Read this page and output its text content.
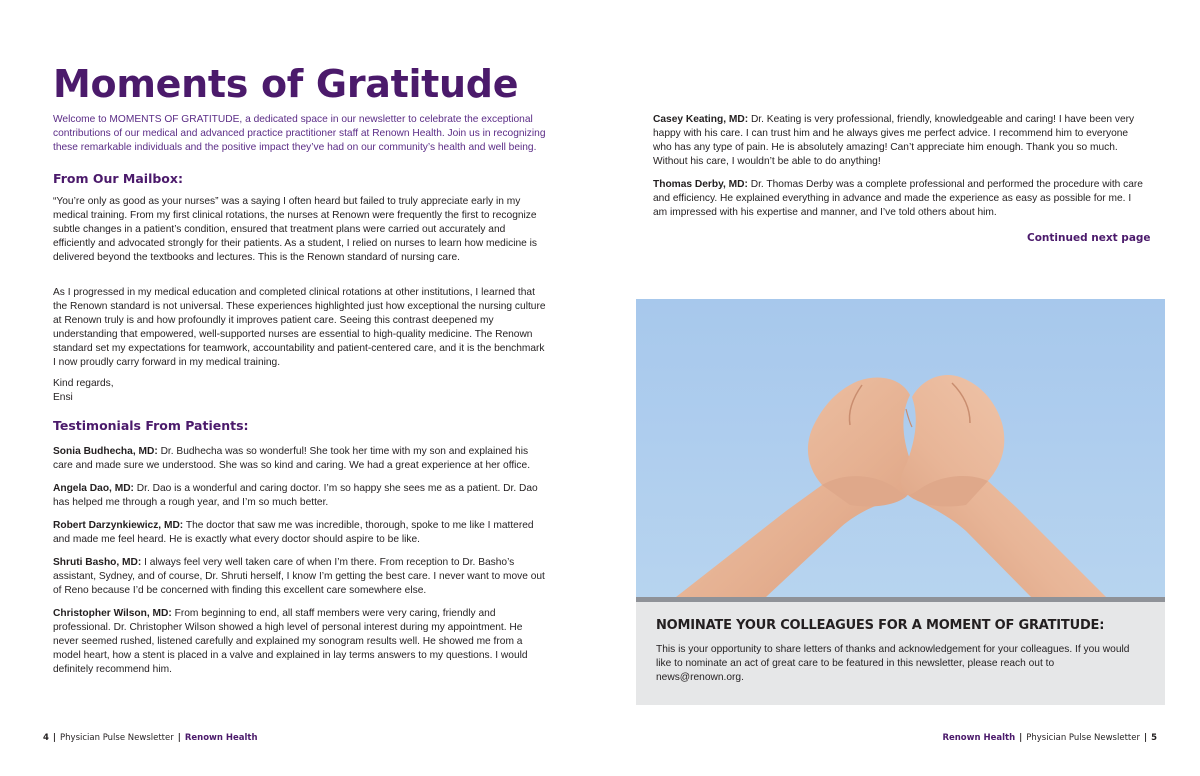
Moments of Gratitude

Welcome to MOMENTS OF GRATITUDE, a dedicated space in our newsletter to celebrate the exceptional contributions of our medical and advanced practice practitioner staff at Renown Health. Join us in recognizing these remarkable individuals and the positive impact they’ve had on our community’s health and well being.

From Our Mailbox:

“You’re only as good as your nurses” was a saying I often heard but failed to truly appreciate early in my medical training. From my first clinical rotations, the nurses at Renown were frequently the first to recognize subtle changes in a patient’s condition, ensured that treatment plans were carried out accurately and efficiently and advocated strongly for their patients. As a student, I relied on nurses to learn how medicine is delivered beyond the textbooks and lectures. This is the Renown standard of nursing care.

As I progressed in my medical education and completed clinical rotations at other institutions, I learned that the Renown standard is not universal. These experiences highlighted just how exceptional the nursing culture at Renown truly is and how profoundly it improves patient care. Seeing this contrast deepened my understanding that empowered, well-supported nurses are essential to high-quality medicine. The Renown standard set my expectations for teamwork, accountability and patient-centered care, and it is the benchmark I now proudly carry forward in my medical training.

Kind regards,
Ensi
Testimonials From Patients:

Sonia Budhecha, MD: Dr. Budhecha was so wonderful! She took her time with my son and explained his care and made sure we understood. She was so kind and caring. We had a great experience at her office.

Angela Dao, MD: Dr. Dao is a wonderful and caring doctor. I’m so happy she sees me as a patient. Dr. Dao has helped me through a rough year, and I’m so much better.

Robert Darzynkiewicz, MD: The doctor that saw me was incredible, thorough, spoke to me like I mattered and made me feel heard. He is exactly what every doctor should aspire to be like.

Shruti Basho, MD: I always feel very well taken care of when I’m there. From reception to Dr. Basho’s assistant, Sydney, and of course, Dr. Shruti herself, I know I’m getting the best care. I never want to move out of Reno because I’d be concerned with finding this excellent care somewhere else.

Christopher Wilson, MD: From beginning to end, all staff members were very caring, friendly and professional. Dr. Christopher Wilson showed a high level of personal interest during my appointment. He never seemed rushed, listened carefully and explained my sonogram results well. He showed me from a model heart, how a stent is placed in a valve and explained in lay terms answers to my questions. I would definitely recommend him.

Casey Keating, MD: Dr. Keating is very professional, friendly, knowledgeable and caring! I have been very happy with his care. I can trust him and he always gives me perfect advice. I recommend him to everyone who has any type of pain. He is absolutely amazing! Can’t appreciate him enough. Thank you so much. Without his care, I wouldn’t be able to do anything!

Thomas Derby, MD: Dr. Thomas Derby was a complete professional and performed the procedure with care and efficiency. He explained everything in advance and made the experience as easy as possible for me. I am impressed with his expertise and manner, and I’ve told others about him.

Continued next page
NOMINATE YOUR COLLEAGUES FOR A MOMENT OF GRATITUDE:

This is your opportunity to share letters of thanks and acknowledgement for your colleagues. If you would like to nominate an act of great care to be featured in this newsletter, please reach out to news@renown.org.

4 | Physician Pulse Newsletter | Renown Health	Renown Health | Physician Pulse Newsletter | 5
